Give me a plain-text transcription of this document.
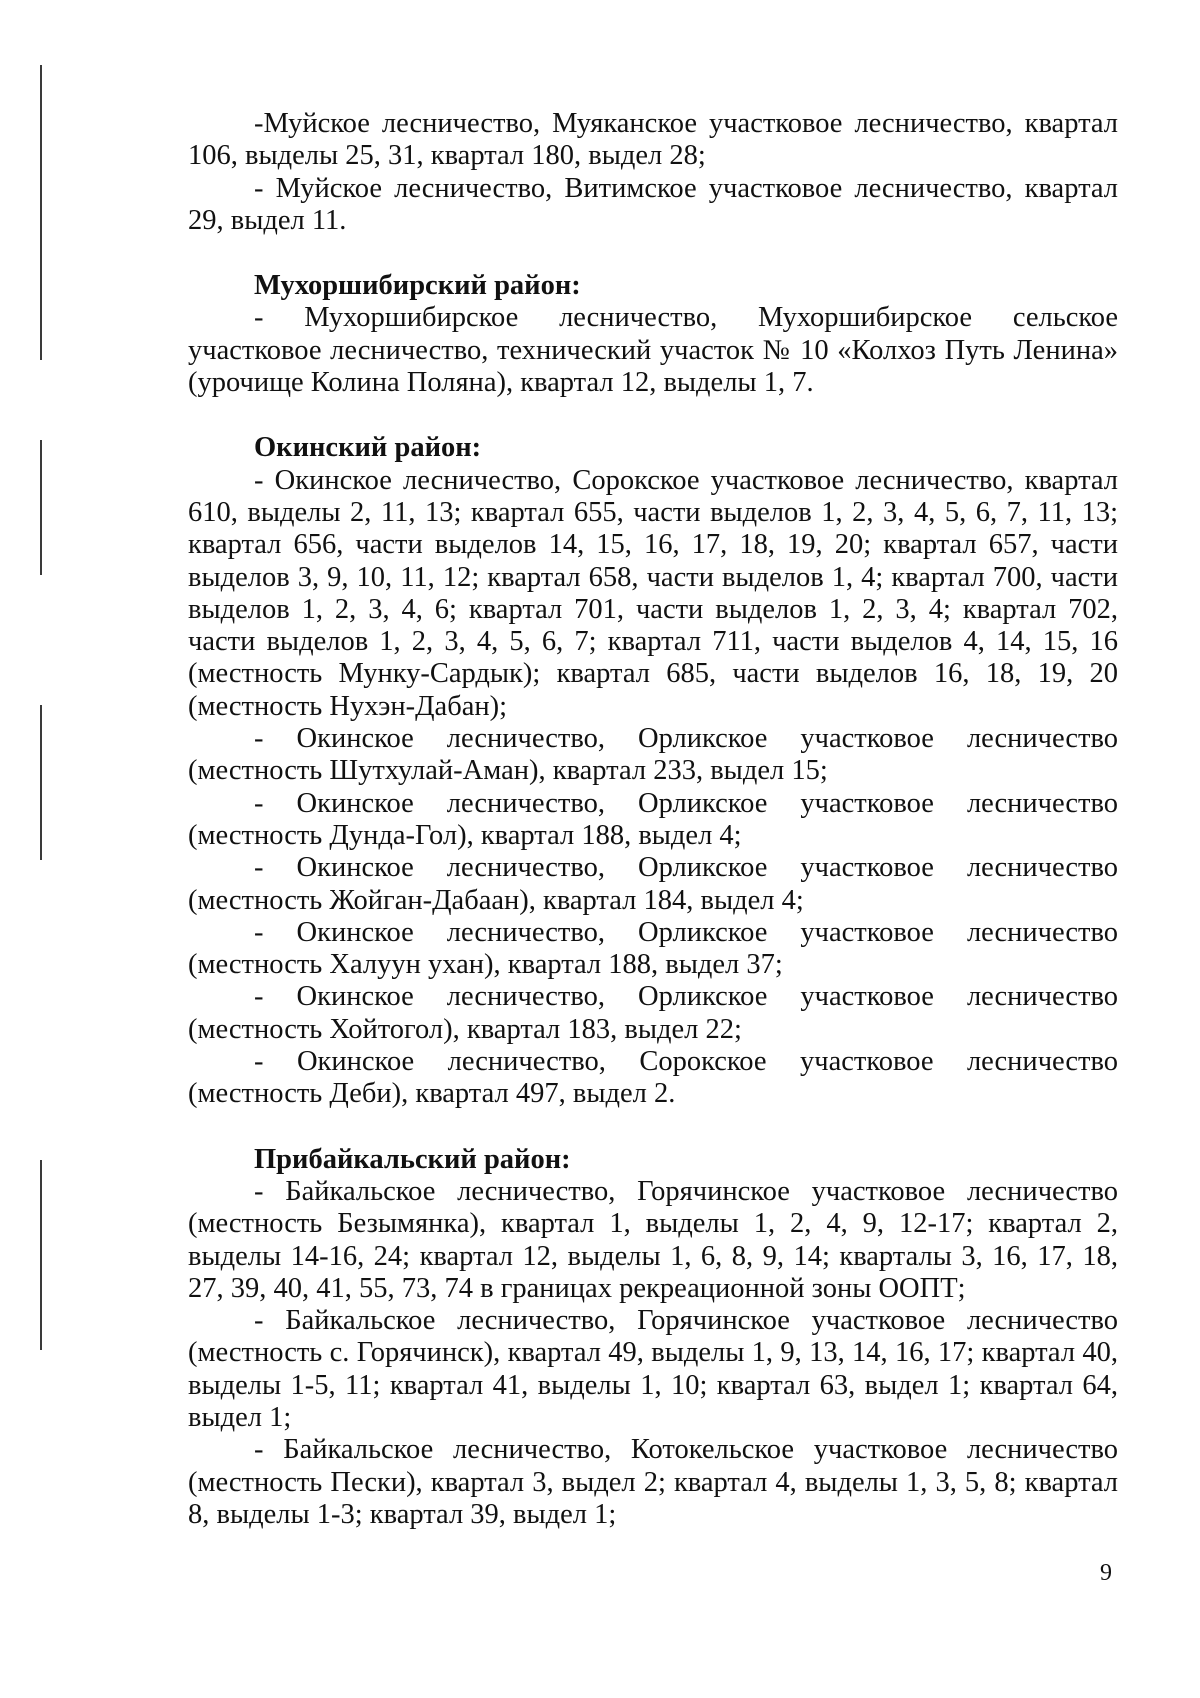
-Муйское лесничество, Муяканское участковое лесничество, квартал 106, выделы 25, 31, квартал 180, выдел 28;

- Муйское лесничество, Витимское участковое лесничество, квартал 29, выдел 11.

Мухоршибирский район:

- Мухоршибирское лесничество, Мухоршибирское сельское участковое лесничество, технический участок № 10 «Колхоз Путь Ленина» (урочище Колина Поляна), квартал 12, выделы 1, 7.

Окинский район:

- Окинское лесничество, Сорокское участковое лесничество, квартал 610, выделы 2, 11, 13; квартал 655, части выделов 1, 2, 3, 4, 5, 6, 7, 11, 13; квартал 656, части выделов 14, 15, 16, 17, 18, 19, 20; квартал 657, части выделов 3, 9, 10, 11, 12; квартал 658, части выделов 1, 4; квартал 700, части выделов 1, 2, 3, 4, 6; квартал 701, части выделов 1, 2, 3, 4; квартал 702, части выделов 1, 2, 3, 4, 5, 6, 7; квартал 711, части выделов 4, 14, 15, 16 (местность Мунку-Сардык); квартал 685, части выделов 16, 18, 19, 20 (местность Нухэн-Дабан);

- Окинское лесничество, Орликское участковое лесничество (местность Шутхулай-Аман), квартал 233, выдел 15;

- Окинское лесничество, Орликское участковое лесничество (местность Дунда-Гол), квартал 188, выдел 4;

- Окинское лесничество, Орликское участковое лесничество (местность Жойган-Дабаан), квартал 184, выдел 4;

- Окинское лесничество, Орликское участковое лесничество (местность Халуун ухан), квартал 188, выдел 37;

- Окинское лесничество, Орликское участковое лесничество (местность Хойтогол), квартал 183, выдел 22;

- Окинское лесничество, Сорокское участковое лесничество (местность Деби), квартал 497, выдел 2.

Прибайкальский район:

- Байкальское лесничество, Горячинское участковое лесничество (местность Безымянка), квартал 1, выделы 1, 2, 4, 9, 12-17; квартал 2, выделы 14-16, 24; квартал 12, выделы 1, 6, 8, 9, 14; кварталы 3, 16, 17, 18, 27, 39, 40, 41, 55, 73, 74 в границах рекреационной зоны ООПТ;

- Байкальское лесничество, Горячинское участковое лесничество (местность с. Горячинск), квартал 49, выделы 1, 9, 13, 14, 16, 17; квартал 40, выделы 1-5, 11; квартал 41, выделы 1, 10; квартал 63, выдел 1; квартал 64, выдел 1;

- Байкальское лесничество, Котокельское участковое лесничество (местность Пески), квартал 3, выдел 2; квартал 4, выделы 1, 3, 5, 8; квартал 8, выделы 1-3; квартал 39, выдел 1;

9
